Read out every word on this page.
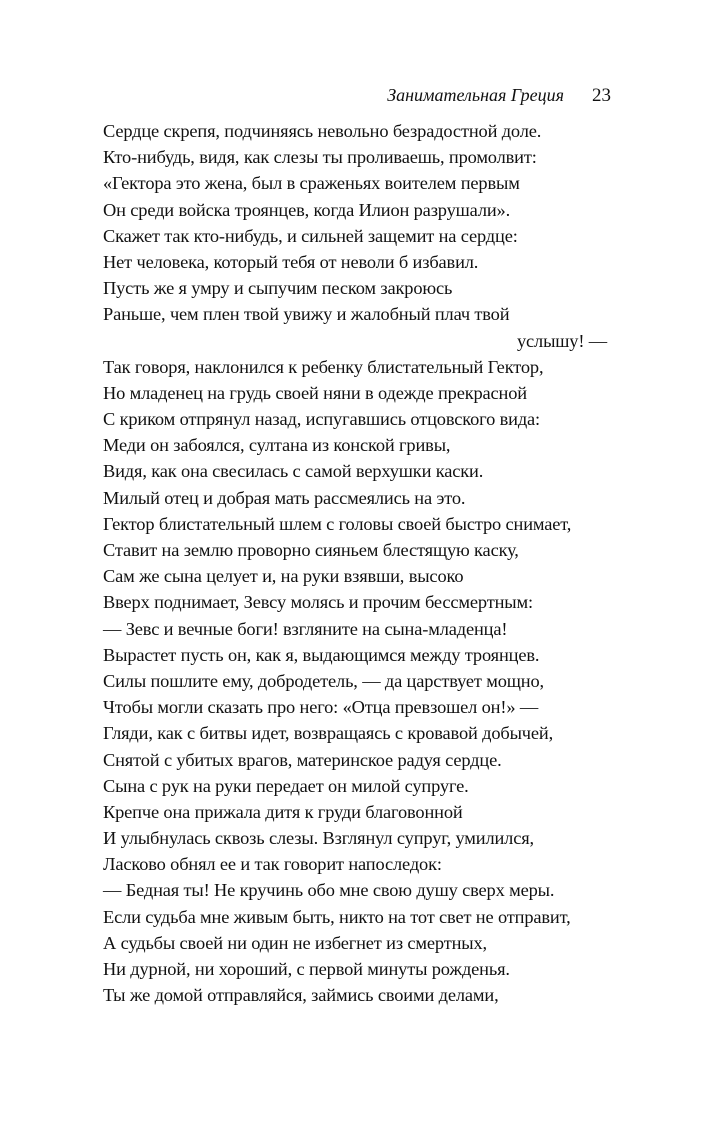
Занимательная Греция 23
Сердце скрепя, подчиняясь невольно безрадостной доле.
Кто-нибудь, видя, как слезы ты проливаешь, промолвит:
«Гектора это жена, был в сраженьях воителем первым
Он среди войска троянцев, когда Илион разрушали».
Скажет так кто-нибудь, и сильней защемит на сердце:
Нет человека, который тебя от неволи б избавил.
Пусть же я умру и сыпучим песком закроюсь
Раньше, чем плен твой увижу и жалобный плач твой
услышу! —
Так говоря, наклонился к ребенку блистательный Гектор,
Но младенец на грудь своей няни в одежде прекрасной
С криком отпрянул назад, испугавшись отцовского вида:
Меди он забоялся, султана из конской гривы,
Видя, как она свесилась с самой верхушки каски.
Милый отец и добрая мать рассмеялись на это.
Гектор блистательный шлем с головы своей быстро снимает,
Ставит на землю проворно сияньем блестящую каску,
Сам же сына целует и, на руки взявши, высоко
Вверх поднимает, Зевсу молясь и прочим бессмертным:
— Зевс и вечные боги! взгляните на сына-младенца!
Вырастет пусть он, как я, выдающимся между троянцев.
Силы пошлите ему, добродетель, — да царствует мощно,
Чтобы могли сказать про него: «Отца превзошел он!» —
Гляди, как с битвы идет, возвращаясь с кровавой добычей,
Снятой с убитых врагов, материнское радуя сердце.
Сына с рук на руки передает он милой супруге.
Крепче она прижала дитя к груди благовонной
И улыбнулась сквозь слезы. Взглянул супруг, умилился,
Ласково обнял ее и так говорит напоследок:
— Бедная ты! Не кручинь обо мне свою душу сверх меры.
Если судьба мне живым быть, никто на тот свет не отправит,
А судьбы своей ни один не избегнет из смертных,
Ни дурной, ни хороший, с первой минуты рожденья.
Ты же домой отправляйся, займись своими делами,
